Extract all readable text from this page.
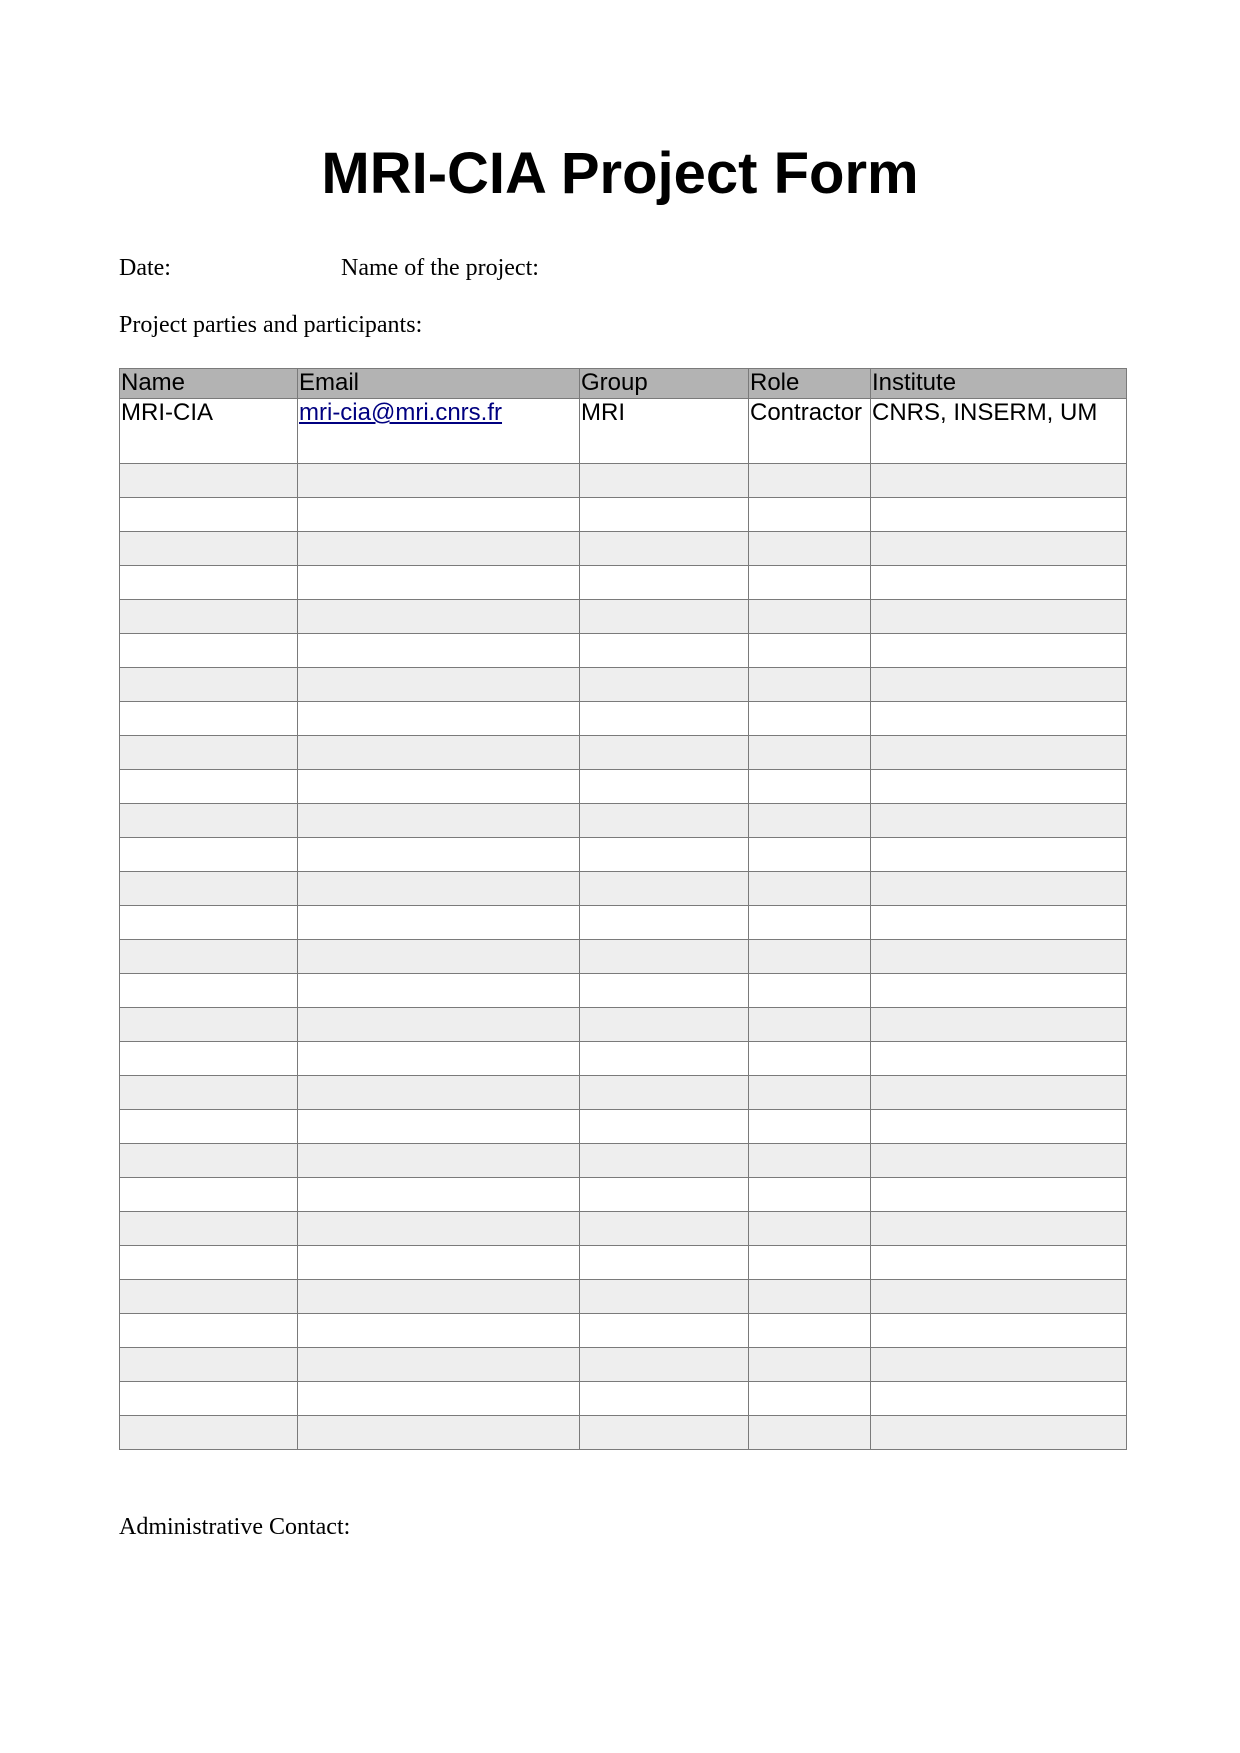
MRI-CIA Project Form
Date:	Name of the project:
Project parties and participants:
Name	Email	Group	Role	Institute
MRI-CIA	mri-cia@mri.cnrs.fr	MRI	Contractor	CNRS, INSERM, UM

Administrative Contact:
